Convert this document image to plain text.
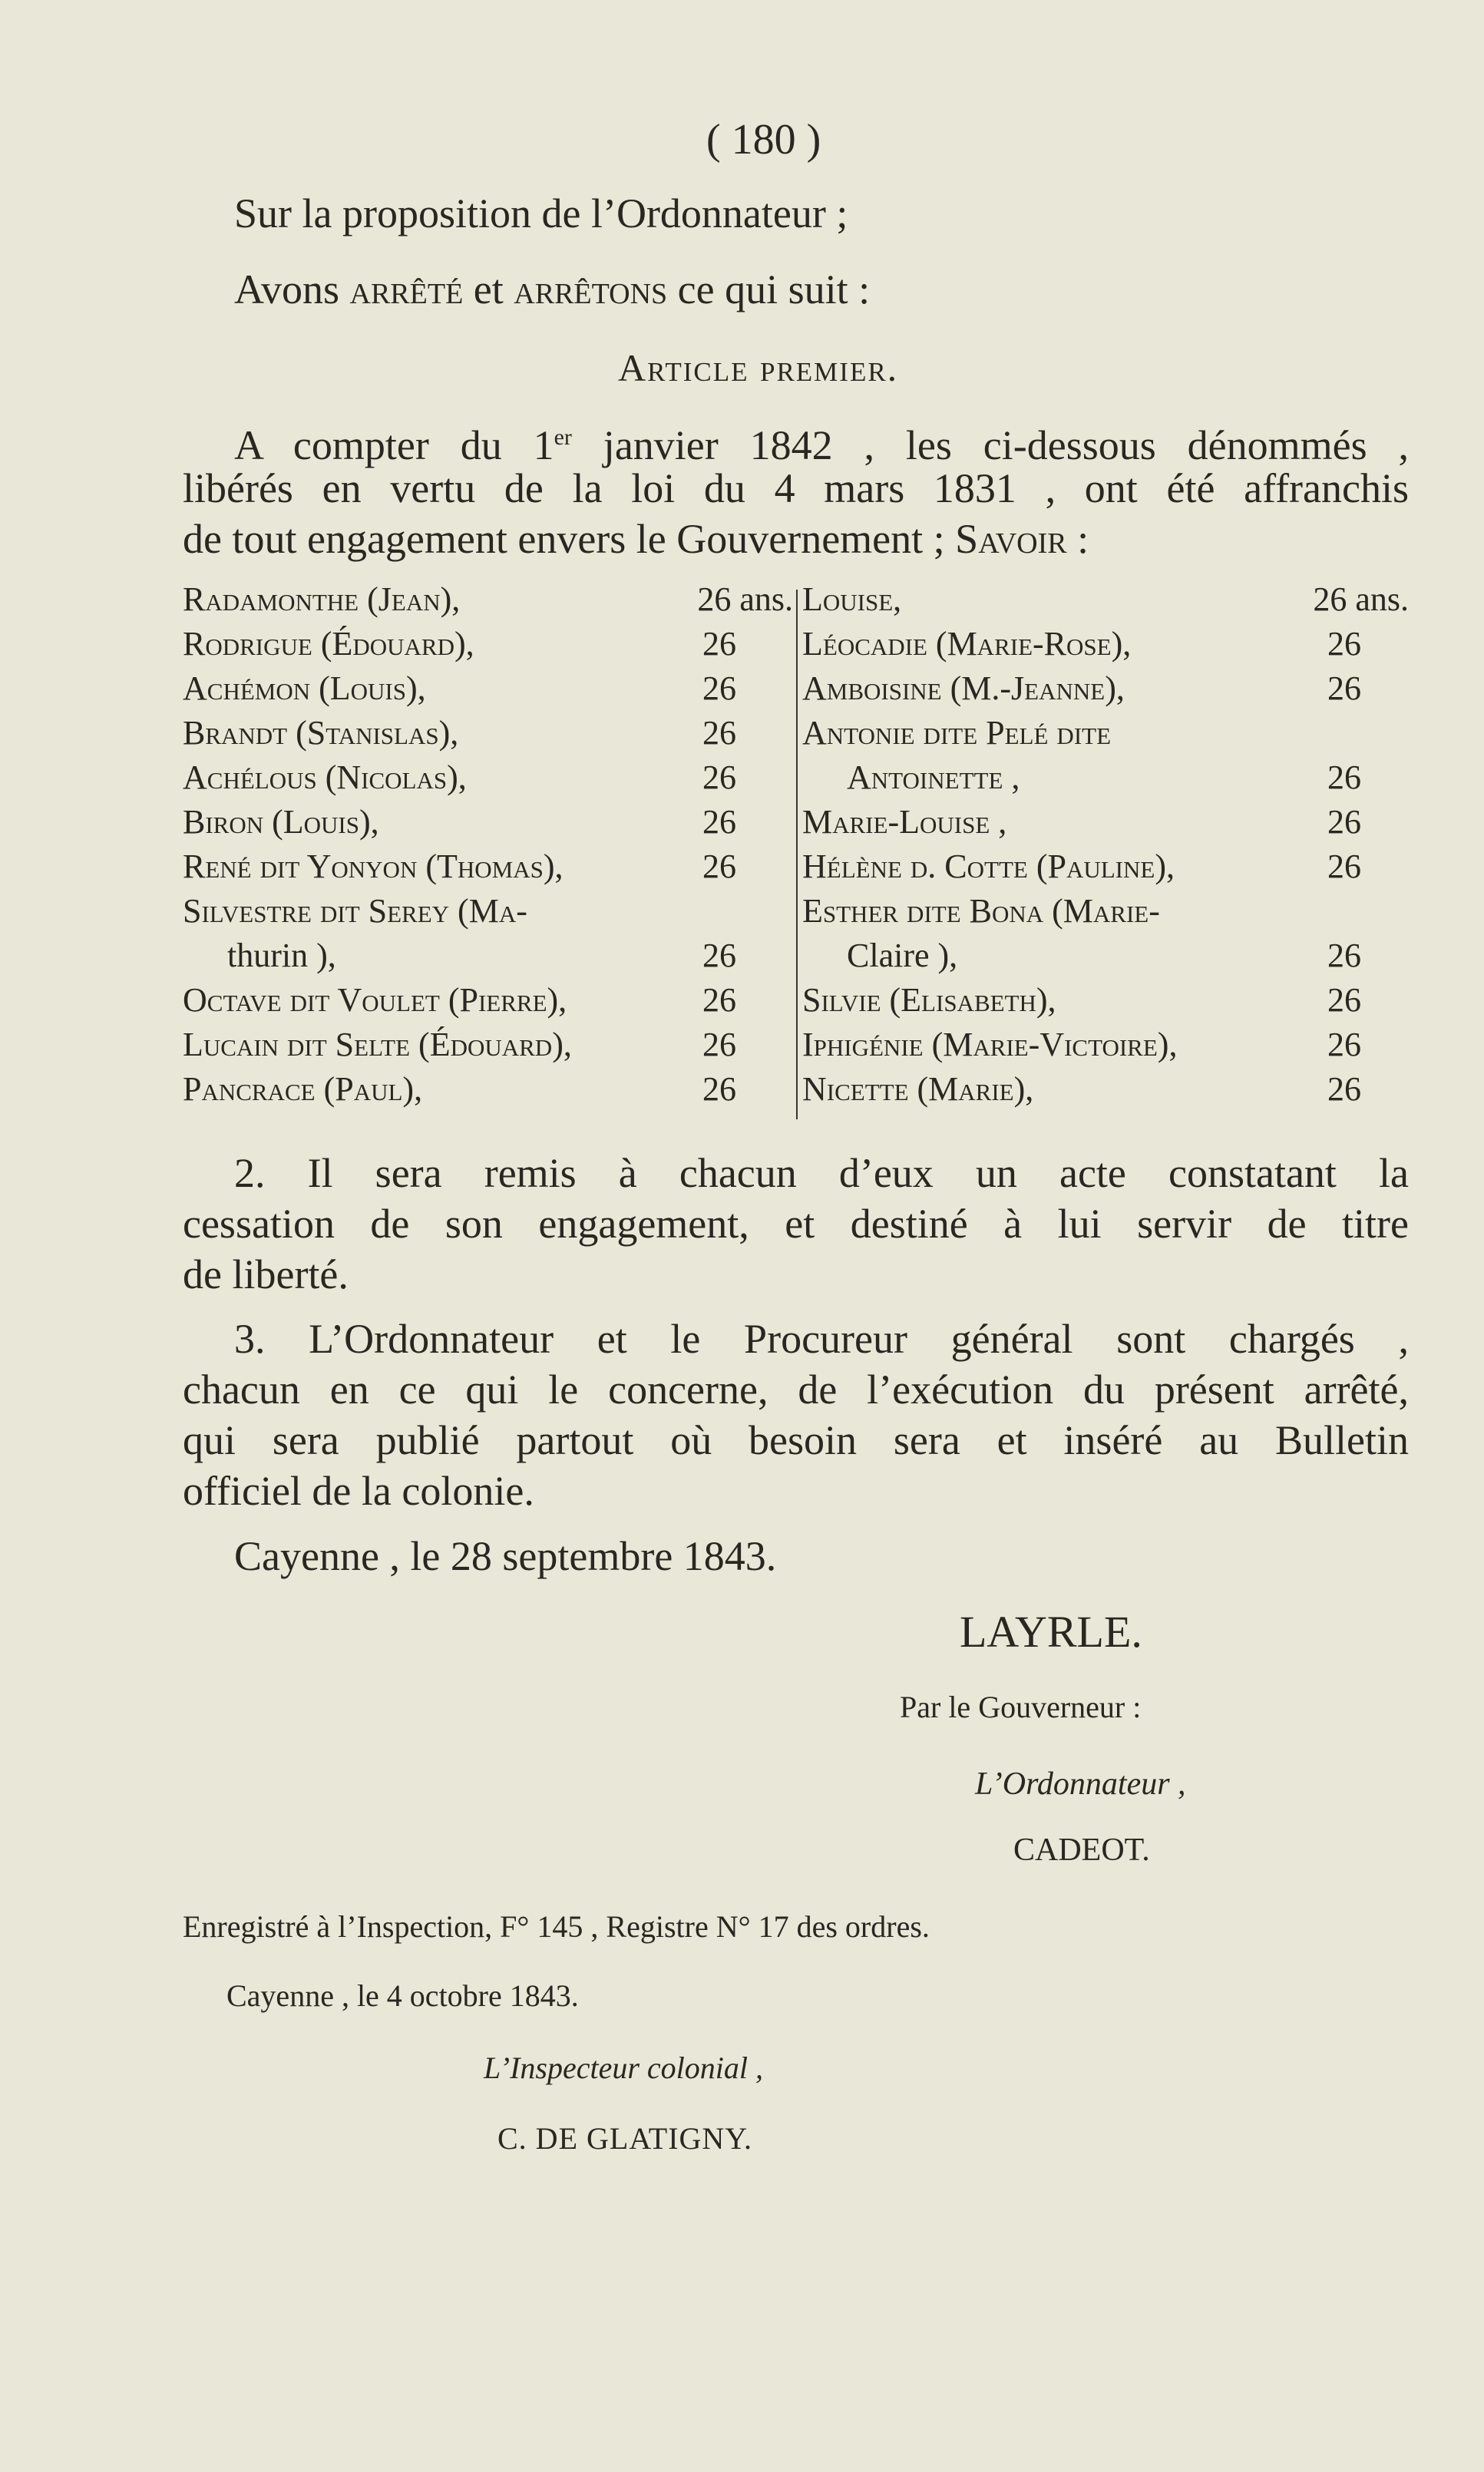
( 180 )
Sur la proposition de l’Ordonnateur ;
Avons arrêté et arrêtons ce qui suit :
Article premier.
A compter du 1er janvier 1842 , les ci-dessous dénommés ,
libérés en vertu de la loi du 4 mars 1831 , ont été affranchis
de tout engagement envers le Gouvernement ; Savoir :
Radamonthe (Jean),	26 ans.
Rodrigue (Édouard),	26
Achémon (Louis),	26
Brandt (Stanislas),	26
Achélous (Nicolas),	26
Biron (Louis),	26
René dit Yonyon (Thomas),	26
Silvestre dit Serey (Ma-
thurin ),	26
Octave dit Voulet (Pierre),	26
Lucain dit Selte (Édouard),	26
Pancrace (Paul),	26
Louise,	26 ans.
Léocadie (Marie-Rose),	26
Amboisine (M.-Jeanne),	26
Antonie dite Pelé dite
Antoinette ,	26
Marie-Louise ,	26
Hélène d. Cotte (Pauline),	26
Esther dite Bona (Marie-
Claire ),	26
Silvie (Elisabeth),	26
Iphigénie (Marie-Victoire),	26
Nicette (Marie),	26
2. Il sera remis à chacun d’eux un acte constatant la
cessation de son engagement, et destiné à lui servir de titre
de liberté.
3. L’Ordonnateur et le Procureur général sont chargés ,
chacun en ce qui le concerne, de l’exécution du présent arrêté,
qui sera publié partout où besoin sera et inséré au Bulletin
officiel de la colonie.
Cayenne , le 28 septembre 1843.
LAYRLE.
Par le Gouverneur :
L’Ordonnateur ,
CADEOT.
Enregistré à l’Inspection, F° 145 , Registre N° 17 des ordres.
Cayenne , le 4 octobre 1843.
L’Inspecteur colonial ,
C. DE GLATIGNY.
